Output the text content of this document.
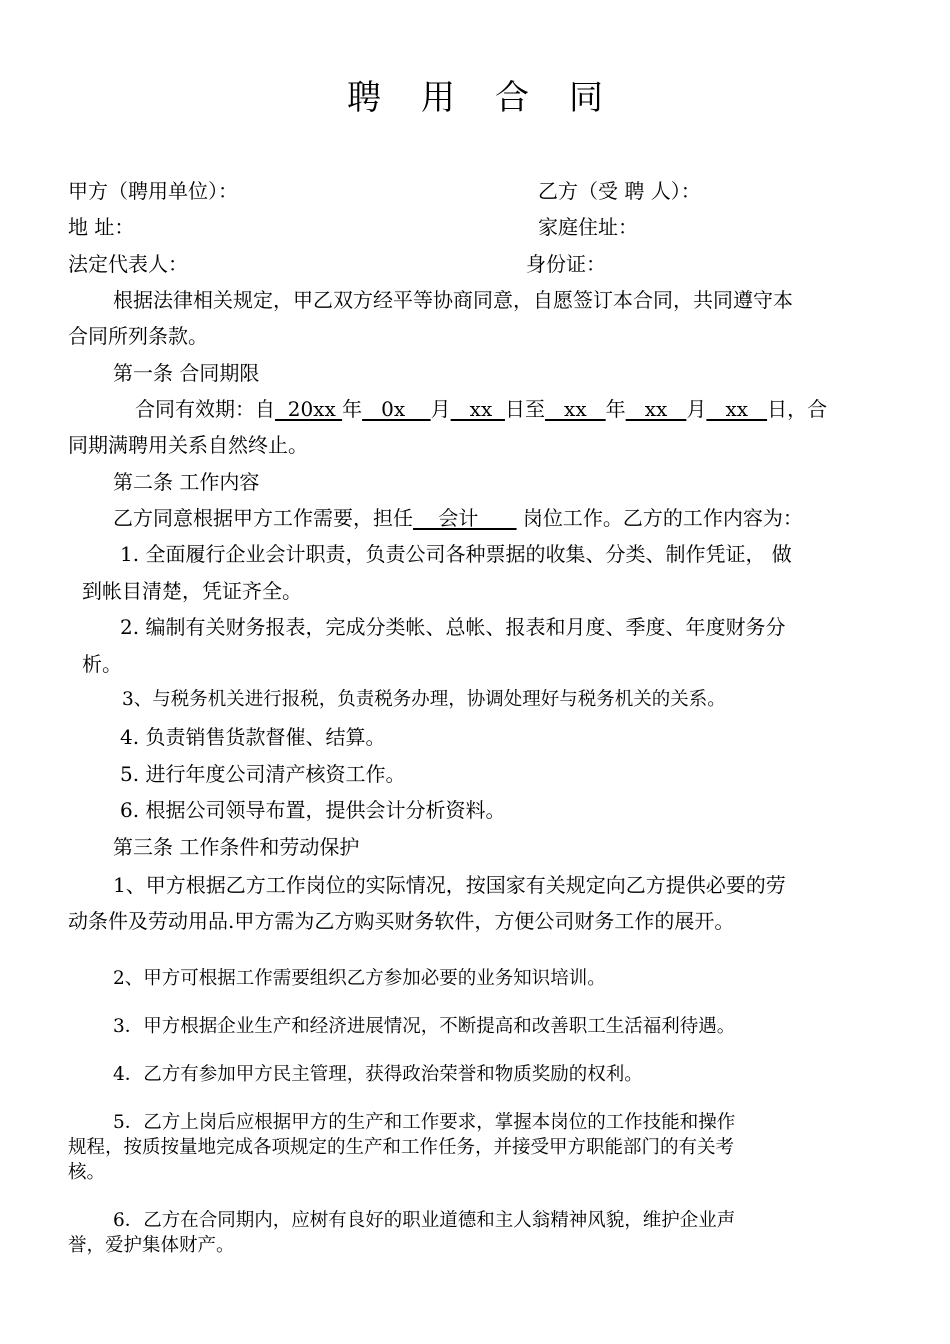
聘 用 合 同
甲方（聘用单位）：	乙方（受 聘 人）：
地 址：	家庭住址：
法定代表人：	身份证：
根据法律相关规定，甲乙双方经平等协商同意，自愿签订本合同，共同遵守本
合同所列条款。
第一条 合同期限
合同有效期：自  20xx 年   0x    月   xx  日至   xx   年   xx   月   xx   日，合
同期满聘用关系自然终止。
第二条 工作内容
乙方同意根据甲方工作需要，担任    会计       岗位工作。乙方的工作内容为：
1. 全面履行企业会计职责，负责公司各种票据的收集、分类、制作凭证， 做
到帐目清楚，凭证齐全。
2. 编制有关财务报表，完成分类帐、总帐、报表和月度、季度、年度财务分
析。
3、与税务机关进行报税，负责税务办理，协调处理好与税务机关的关系。
4. 负责销售货款督催、结算。
5. 进行年度公司清产核资工作。
6. 根据公司领导布置，提供会计分析资料。
第三条 工作条件和劳动保护
1、甲方根据乙方工作岗位的实际情况，按国家有关规定向乙方提供必要的劳
动条件及劳动用品.甲方需为乙方购买财务软件，方便公司财务工作的展开。
2、甲方可根据工作需要组织乙方参加必要的业务知识培训。
3．甲方根据企业生产和经济进展情况，不断提高和改善职工生活福利待遇。
4．乙方有参加甲方民主管理，获得政治荣誉和物质奖励的权利。
5．乙方上岗后应根据甲方的生产和工作要求，掌握本岗位的工作技能和操作
规程，按质按量地完成各项规定的生产和工作任务，并接受甲方职能部门的有关考
核。
6．乙方在合同期内，应树有良好的职业道德和主人翁精神风貌，维护企业声
誉，爱护集体财产。
